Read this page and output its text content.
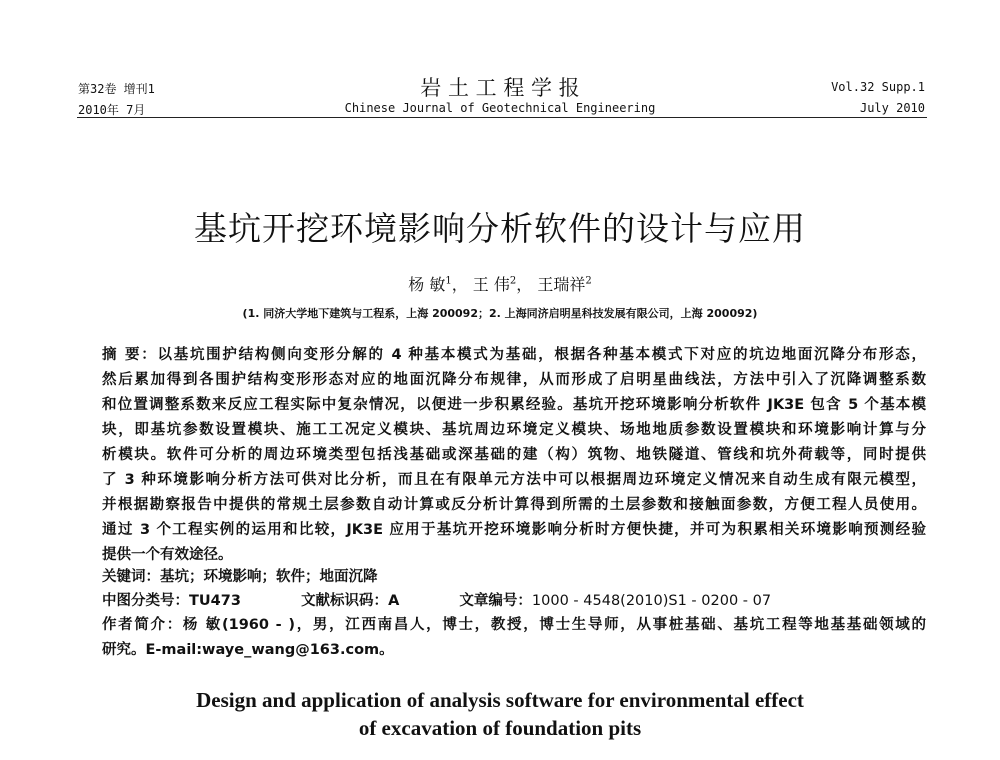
第32卷 增刊1
2010年 7月
岩 土 工 程 学 报
Chinese Journal of Geotechnical Engineering
Vol.32 Supp.1
July 2010
基坑开挖环境影响分析软件的设计与应用
杨 敏$^1$， 王 伟$^2$， 王瑞祥$^2$
(1. 同济大学地下建筑与工程系，上海 200092；2. 上海同济启明星科技发展有限公司，上海 200092)
摘 要：以基坑围护结构侧向变形分解的 4 种基本模式为基础，根据各种基本模式下对应的坑边地面沉降分布形态，
然后累加得到各围护结构变形形态对应的地面沉降分布规律，从而形成了启明星曲线法，方法中引入了沉降调整系数
和位置调整系数来反应工程实际中复杂情况，以便进一步积累经验。基坑开挖环境影响分析软件 JK3E 包含 5 个基本模
块，即基坑参数设置模块、施工工况定义模块、基坑周边环境定义模块、场地地质参数设置模块和环境影响计算与分
析模块。软件可分析的周边环境类型包括浅基础或深基础的建（构）筑物、地铁隧道、管线和坑外荷载等，同时提供
了 3 种环境影响分析方法可供对比分析，而且在有限单元方法中可以根据周边环境定义情况来自动生成有限元模型，
并根据勘察报告中提供的常规土层参数自动计算或反分析计算得到所需的土层参数和接触面参数，方便工程人员使用。
通过 3 个工程实例的运用和比较，JK3E 应用于基坑开挖环境影响分析时方便快捷，并可为积累相关环境影响预测经验
提供一个有效途径。
关键词：基坑；环境影响；软件；地面沉降
中图分类号：TU473	文献标识码：A	文章编号：1000 - 4548(2010)S1 - 0200 - 07
作者简介：杨 敏(1960 - )，男，江西南昌人，博士，教授，博士生导师，从事桩基础、基坑工程等地基基础领域的
研究。E-mail:waye_wang@163.com。
Design and application of analysis software for environmental effect
of excavation of foundation pits
